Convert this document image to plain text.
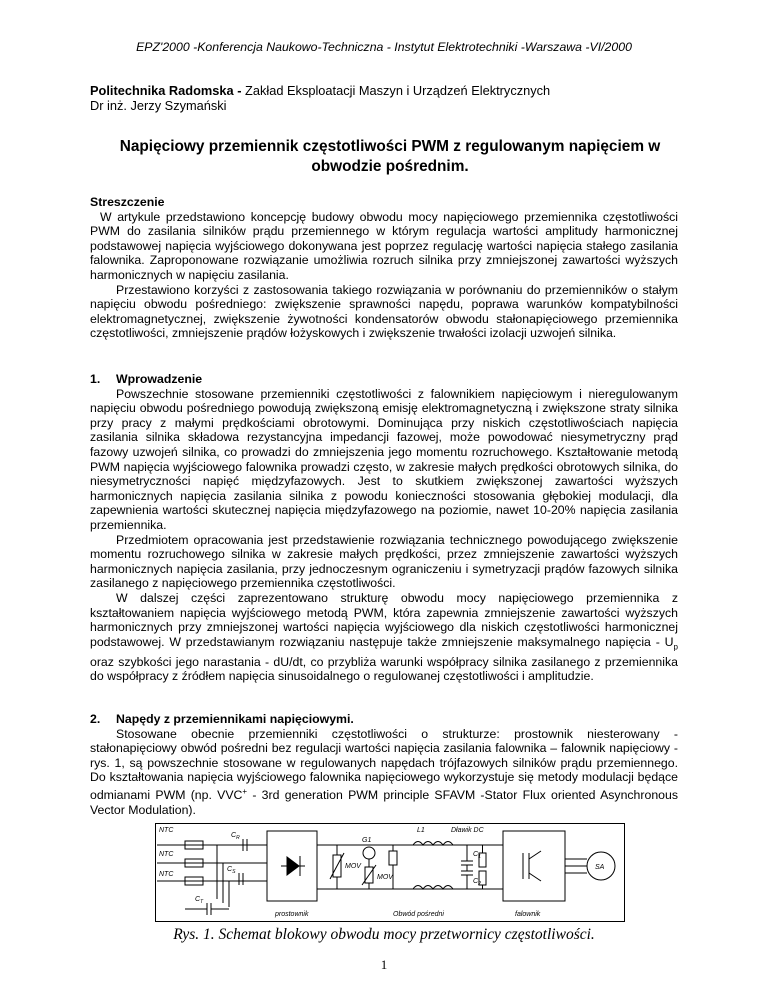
EPZ'2000 -Konferencja Naukowo-Techniczna - Instytut Elektrotechniki -Warszawa -VI/2000
Politechnika Radomska - Zakład Eksploatacji Maszyn i Urządzeń Elektrycznych
Dr inż. Jerzy Szymański
Napięciowy przemiennik częstotliwości PWM z regulowanym napięciem w obwodzie pośrednim.
Streszczenie

W artykule przedstawiono koncepcję budowy obwodu mocy napięciowego przemiennika częstotliwości PWM do zasilania silników prądu przemiennego w którym regulacja wartości amplitudy harmonicznej podstawowej napięcia wyjściowego dokonywana jest poprzez regulację wartości napięcia stałego zasilania falownika. Zaproponowane rozwiązanie umożliwia rozruch silnika przy zmniejszonej zawartości wyższych harmonicznych w napięciu zasilania.

Przestawiono korzyści z zastosowania takiego rozwiązania w porównaniu do przemienników o stałym napięciu obwodu pośredniego: zwiększenie sprawności napędu, poprawa warunków kompatybilności elektromagnetycznej, zwiększenie żywotności kondensatorów obwodu stałonapięciowego przemiennika częstotliwości, zmniejszenie prądów łożyskowych i zwiększenie trwałości izolacji uzwojeń silnika.

1.	Wprowadzenie

Powszechnie stosowane przemienniki częstotliwości z falownikiem napięciowym i nieregulowanym napięciu obwodu pośredniego powodują zwiększoną emisję elektromagnetyczną i zwiększone straty silnika przy pracy z małymi prędkościami obrotowymi. Dominująca przy niskich częstotliwościach napięcia zasilania silnika składowa rezystancyjna impedancji fazowej, może powodować niesymetryczny prąd fazowy uzwojeń silnika, co prowadzi do zmniejszenia jego momentu rozruchowego. Kształtowanie metodą PWM napięcia wyjściowego falownika prowadzi często, w zakresie małych prędkości obrotowych silnika, do niesymetryczności napięć międzyfazowych. Jest to skutkiem zwiększonej zawartości wyższych harmonicznych napięcia zasilania silnika z powodu konieczności stosowania głębokiej modulacji, dla zapewnienia wartości skutecznej napięcia międzyfazowego na poziomie, nawet 10-20% napięcia zasilania przemiennika.

Przedmiotem opracowania jest przedstawienie rozwiązania technicznego powodującego zwiększenie momentu rozruchowego silnika w zakresie małych prędkości, przez zmniejszenie zawartości wyższych harmonicznych napięcia zasilania, przy jednoczesnym ograniczeniu i symetryzacji prądów fazowych silnika zasilanego z napięciowego przemiennika częstotliwości.

W dalszej części zaprezentowano strukturę obwodu mocy napięciowego przemiennika z kształtowaniem napięcia wyjściowego metodą PWM, która zapewnia zmniejszenie zawartości wyższych harmonicznych przy zmniejszonej wartości napięcia wyjściowego dla niskich częstotliwości harmonicznej podstawowej. W przedstawianym rozwiązaniu następuje także zmniejszenie maksymalnego napięcia - $U_p$ oraz szybkości jego narastania - dU/dt, co przybliża warunki współpracy silnika zasilanego z przemiennika do współpracy z źródłem napięcia sinusoidalnego o regulowanej częstotliwości i amplitudzie.

2.	Napędy z przemiennikami napięciowymi.

Stosowane obecnie przemienniki częstotliwości o strukturze: prostownik niesterowany - stałonapięciowy obwód pośredni bez regulacji wartości napięcia zasilania falownika – falownik napięciowy - rys. 1, są powszechnie stosowane w regulowanych napędach trójfazowych silników prądu przemiennego. Do kształtowania napięcia wyjściowego falownika napięciowego wykorzystuje się metody modulacji będące odmianami PWM (np. VVC+ - 3rd generation PWM principle SFAVM -Stator Flux oriented Asynchronous Vector Modulation).

NTC
NTC
NTC
$C_R$
$C_S$
$C_T$
L1	Dławik DC
G1
MOV
MOV
$C_1$
$C_2$
SA
prostownik	Obwód pośredni	falownik
Rys. 1. Schemat blokowy obwodu mocy przetwornicy częstotliwości.
1
